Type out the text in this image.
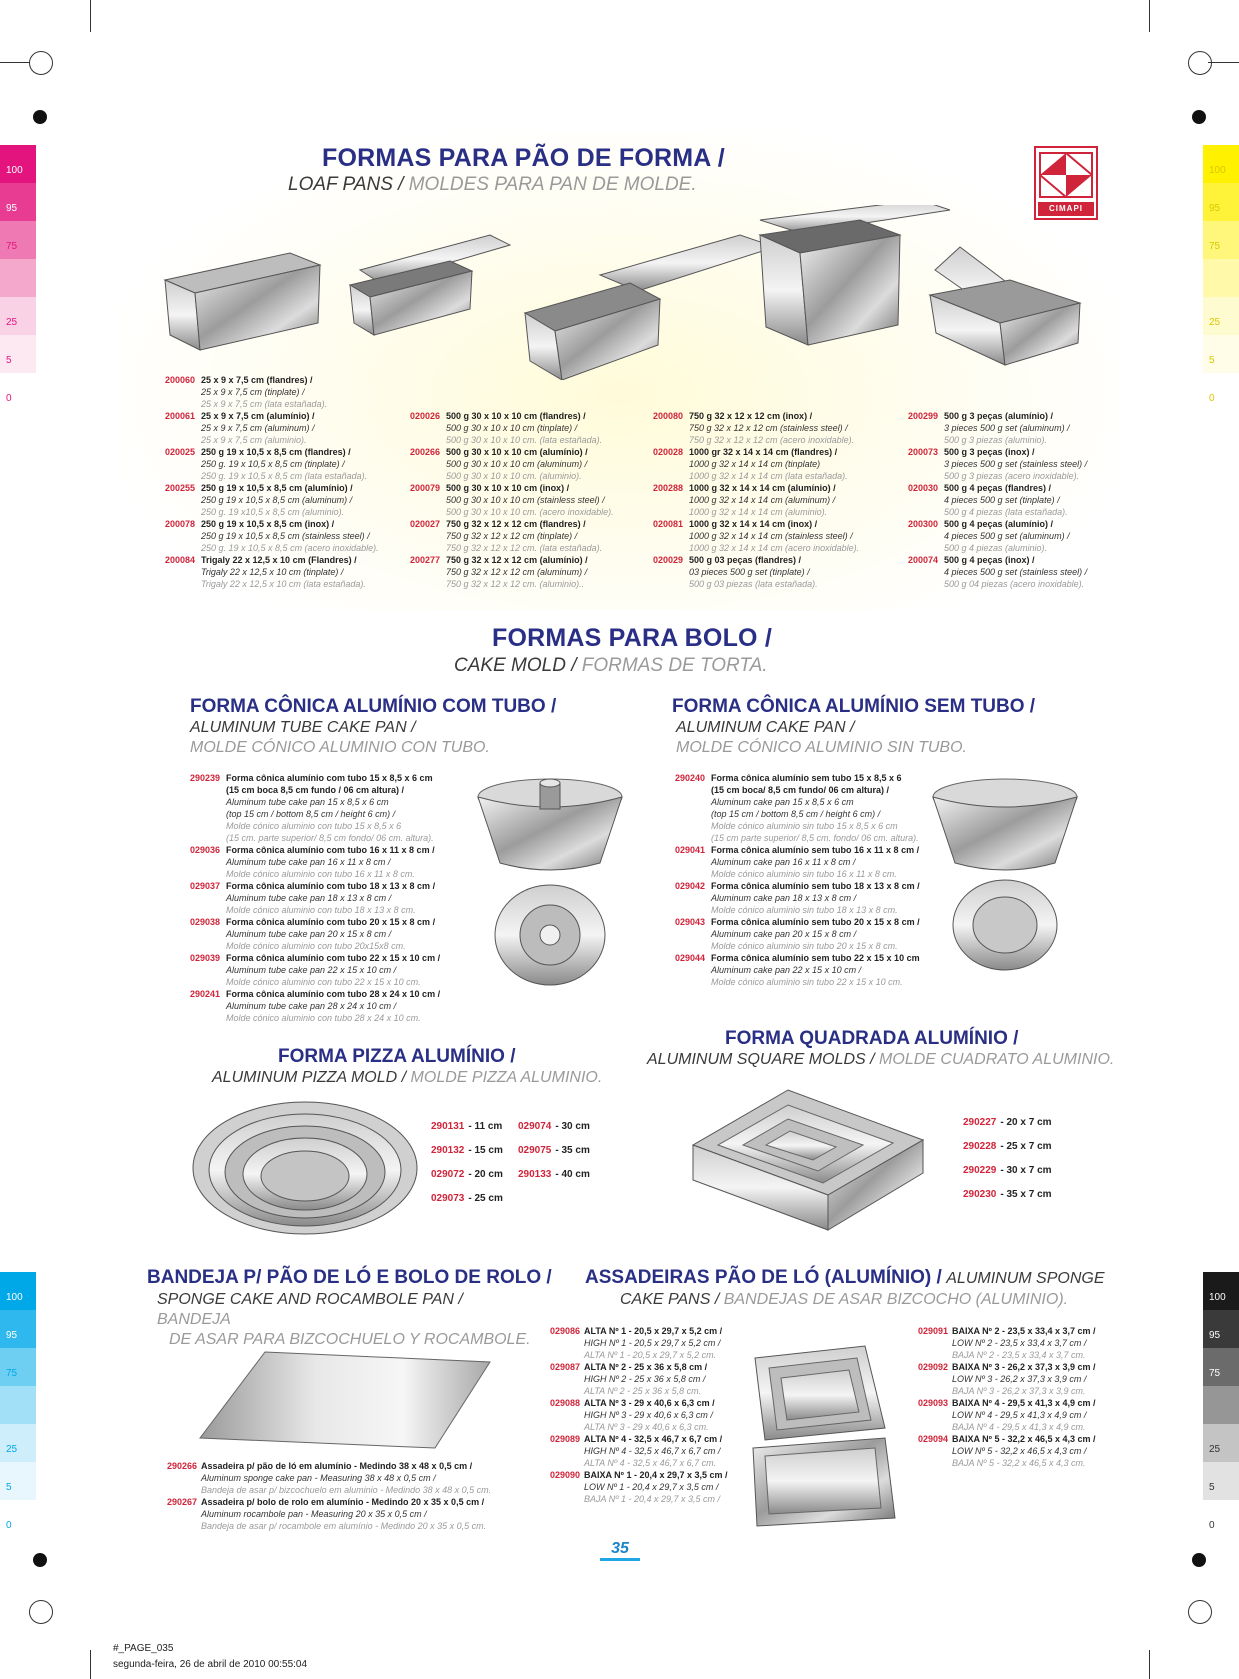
100
95
75
25
5
0
100
95
75
25
5
0
100
95
75
25
5
0
100
95
75
25
5
0
FORMAS PARA PÃO DE FORMA /
LOAF PANS / MOLDES PARA PAN DE MOLDE.
CIMAPI
200060 25 x 9 x 7,5 cm (flandres) /
25 x 9 x 7,5 cm (tinplate) /
25 x 9 x 7,5 cm (lata estañada).
200061 25 x 9 x 7,5 cm (alumínio) /
25 x 9 x 7,5 cm (aluminum) /
25 x 9 x 7,5 cm (aluminio).
020025 250 g 19 x 10,5 x 8,5 cm (flandres) /
250 g. 19 x 10,5 x 8,5 cm (tinplate) /
250 g. 19 x 10,5 x 8,5 cm (lata estañada).
200255 250 g 19 x 10,5 x 8,5 cm (alumínio) /
250 g 19 x 10,5 x 8,5 cm (aluminum) /
250 g. 19 x10,5 x 8,5 cm (aluminio).
200078 250 g 19 x 10,5 x 8,5 cm (inox) /
250 g 19 x 10,5 x 8,5 cm (stainless steel) /
250 g. 19 x 10,5 x 8,5 cm (acero inoxidable).
200084 Trigaly 22 x 12,5 x 10 cm (Flandres) /
Trigaly 22 x 12,5 x 10 cm (tinplate) /
Trigaly 22 x 12,5 x 10 cm (lata estañada).
020026 500 g 30 x 10 x 10 cm (flandres) /
500 g 30 x 10 x 10 cm (tinplate) /
500 g 30 x 10 x 10 cm. (lata estañada).
200266 500 g 30 x 10 x 10 cm (alumínio) /
500 g 30 x 10 x 10 cm (aluminum) /
500 g 30 x 10 x 10 cm. (aluminio).
200079 500 g 30 x 10 x 10 cm (inox) /
500 g 30 x 10 x 10 cm (stainless steel) /
500 g 30 x 10 x 10 cm. (acero inoxidable).
020027 750 g 32 x 12 x 12 cm (flandres) /
750 g 32 x 12 x 12 cm (tinplate) /
750 g 32 x 12 x 12 cm. (lata estañada).
200277 750 g 32 x 12 x 12 cm (alumínio) /
750 g 32 x 12 x 12 cm (aluminum) /
750 g 32 x 12 x 12 cm. (aluminio)..
200080 750 g 32 x 12 x 12 cm (inox) /
750 g 32 x 12 x 12 cm (stainless steel) /
750 g 32 x 12 x 12 cm (acero inoxidable).
020028 1000 gr 32 x 14 x 14 cm (flandres) /
1000 g 32 x 14 x 14 cm (tinplate)
1000 g 32 x 14 x 14 cm (lata estañada).
200288 1000 g 32 x 14 x 14 cm (alumínio) /
1000 g 32 x 14 x 14 cm (aluminum) /
1000 g 32 x 14 x 14 cm (aluminio).
020081 1000 g 32 x 14 x 14 cm (inox) /
1000 g 32 x 14 x 14 cm (stainless steel) /
1000 g 32 x 14 x 14 cm (acero inoxidable).
020029 500 g 03 peças (flandres) /
03 pieces 500 g set (tinplate) /
500 g 03 piezas (lata estañada).
200299 500 g 3 peças (alumínio) /
3 pieces 500 g set (aluminum) /
500 g 3 piezas (aluminio).
200073 500 g 3 peças (inox) /
3 pieces 500 g set (stainless steel) /
500 g 3 piezas (acero inoxidable).
020030 500 g 4 peças (flandres) /
4 pieces 500 g set (tinplate) /
500 g 4 piezas (lata estañada).
200300 500 g 4 peças (alumínio) /
4 pieces 500 g set (aluminum) /
500 g 4 piezas (aluminio).
200074 500 g 4 peças (inox) /
4 pieces 500 g set (stainless steel) /
500 g 04 piezas (acero inoxidable).
FORMAS PARA BOLO /
CAKE MOLD / FORMAS DE TORTA.
FORMA CÔNICA ALUMÍNIO COM TUBO /
ALUMINUM TUBE CAKE PAN /
MOLDE CÓNICO ALUMINIO CON TUBO.
290239 Forma cônica alumínio com tubo 15 x 8,5 x 6 cm
(15 cm boca 8,5 cm fundo / 06 cm altura) /
Aluminum tube cake pan 15 x 8,5 x 6 cm
(top 15 cm / bottom 8,5 cm / height 6 cm) /
Molde cónico aluminio con tubo 15 x 8,5 x 6
(15 cm. parte superior/ 8,5 cm fondo/ 06 cm. altura).
029036 Forma cônica alumínio com tubo 16 x 11 x 8 cm /
Aluminum tube cake pan 16 x 11 x 8 cm /
Molde cónico aluminio con tubo 16 x 11 x 8 cm.
029037 Forma cônica alumínio com tubo 18 x 13 x 8 cm /
Aluminum tube cake pan 18 x 13 x 8 cm /
Molde cónico aluminio con tubo 18 x 13 x 8 cm.
029038 Forma cônica alumínio com tubo 20 x 15 x 8 cm /
Aluminum tube cake pan 20 x 15 x 8 cm /
Molde cónico aluminio con tubo 20x15x8 cm.
029039 Forma cônica alumínio com tubo 22 x 15 x 10 cm /
Aluminum tube cake pan 22 x 15 x 10 cm /
Molde cónico aluminio con tubo 22 x 15 x 10 cm.
290241 Forma cônica alumínio com tubo 28 x 24 x 10 cm /
Aluminum tube cake pan 28 x 24 x 10 cm /
Molde cónico aluminio con tubo 28 x 24 x 10 cm.
FORMA CÔNICA ALUMÍNIO SEM TUBO /
ALUMINUM CAKE PAN /
MOLDE CÓNICO ALUMINIO SIN TUBO.
290240 Forma cônica alumínio sem tubo 15 x 8,5 x 6
(15 cm boca/ 8,5 cm fundo/ 06 cm altura) /
Aluminum cake pan 15 x 8,5 x 6 cm
(top 15 cm / bottom 8,5 cm / height 6 cm) /
Molde cónico aluminio sin tubo 15 x 8,5 x 6 cm
(15 cm parte superior/ 8,5 cm. fondo/ 06 cm. altura).
029041 Forma cônica alumínio sem tubo 16 x 11 x 8 cm /
Aluminum cake pan 16 x 11 x 8 cm /
Molde cónico aluminio sin tubo 16 x 11 x 8 cm.
029042 Forma cônica alumínio sem tubo 18 x 13 x 8 cm /
Aluminum cake pan 18 x 13 x 8 cm /
Molde cónico aluminio sin tubo 18 x 13 x 8 cm.
029043 Forma cônica alumínio sem tubo 20 x 15 x 8 cm /
Aluminum cake pan 20 x 15 x 8 cm /
Molde cónico aluminio sin tubo 20 x 15 x 8 cm.
029044 Forma cônica alumínio sem tubo 22 x 15 x 10 cm
Aluminum cake pan 22 x 15 x 10 cm /
Molde cónico aluminio sin tubo 22 x 15 x 10 cm.
FORMA PIZZA ALUMÍNIO /
ALUMINUM PIZZA MOLD / MOLDE PIZZA ALUMINIO.
290131 - 11 cm
290132 - 15 cm
029072 - 20 cm
029073 - 25 cm
029074 - 30 cm
029075 - 35 cm
290133 - 40 cm
FORMA QUADRADA ALUMÍNIO /
ALUMINUM SQUARE MOLDS / MOLDE CUADRATO ALUMINIO.
290227 - 20 x 7 cm
290228 - 25 x 7 cm
290229 - 30 x 7 cm
290230 - 35 x 7 cm
BANDEJA P/ PÃO DE LÓ E BOLO DE ROLO /
SPONGE CAKE AND ROCAMBOLE PAN / BANDEJA
DE ASAR PARA BIZCOCHUELO Y ROCAMBOLE.
290266 Assadeira p/ pão de ló em alumínio - Medindo 38 x 48 x 0,5 cm /
Aluminum sponge cake pan - Measuring 38 x 48 x 0,5 cm /
Bandeja de asar p/ bizcochuelo em aluminio - Medindo 38 x 48 x 0,5 cm.
290267 Assadeira p/ bolo de rolo em alumínio - Medindo 20 x 35 x 0,5 cm /
Aluminum rocambole pan - Measuring 20 x 35 x 0,5 cm /
Bandeja de asar p/ rocambole em alumínio - Medindo 20 x 35 x 0,5 cm.
ASSADEIRAS PÃO DE LÓ (ALUMÍNIO) / ALUMINUM SPONGE
CAKE PANS / BANDEJAS DE ASAR BIZCOCHO (ALUMINIO).
029086 ALTA Nº 1 - 20,5 x 29,7 x 5,2 cm /
HIGH Nº 1 - 20,5 x 29,7 x 5,2 cm /
ALTA Nº 1 - 20,5 x 29,7 x 5,2 cm.
029087 ALTA Nº 2 - 25 x 36 x 5,8 cm /
HIGH Nº 2 - 25 x 36 x 5,8 cm /
ALTA Nº 2 - 25 x 36 x 5,8 cm.
029088 ALTA Nº 3 - 29 x 40,6 x 6,3 cm /
HIGH Nº 3 - 29 x 40,6 x 6,3 cm /
ALTA Nº 3 - 29 x 40,6 x 6,3 cm.
029089 ALTA Nº 4 - 32,5 x 46,7 x 6,7 cm /
HIGH Nº 4 - 32,5 x 46,7 x 6,7 cm /
ALTA Nº 4 - 32,5 x 46,7 x 6,7 cm.
029090 BAIXA Nº 1 - 20,4 x 29,7 x 3,5 cm /
LOW Nº 1 - 20,4 x 29,7 x 3,5 cm /
BAJA Nº 1 - 20,4 x 29,7 x 3,5 cm /
029091 BAIXA Nº 2 - 23,5 x 33,4 x 3,7 cm /
LOW Nº 2 - 23,5 x 33,4 x 3,7 cm /
BAJA Nº 2 - 23,5 x 33,4 x 3,7 cm.
029092 BAIXA Nº 3 - 26,2 x 37,3 x 3,9 cm /
LOW Nº 3 - 26,2 x 37,3 x 3,9 cm /
BAJA Nº 3 - 26,2 x 37,3 x 3,9 cm.
029093 BAIXA Nº 4 - 29,5 x 41,3 x 4,9 cm /
LOW Nº 4 - 29,5 x 41,3 x 4,9 cm /
BAJA Nº 4 - 29,5 x 41,3 x 4,9 cm.
029094 BAIXA Nº 5 - 32,2 x 46,5 x 4,3 cm /
LOW Nº 5 - 32,2 x 46,5 x 4,3 cm /
BAJA Nº 5 - 32,2 x 46,5 x 4,3 cm.
35
#_PAGE_035
segunda-feira, 26 de abril de 2010 00:55:04
